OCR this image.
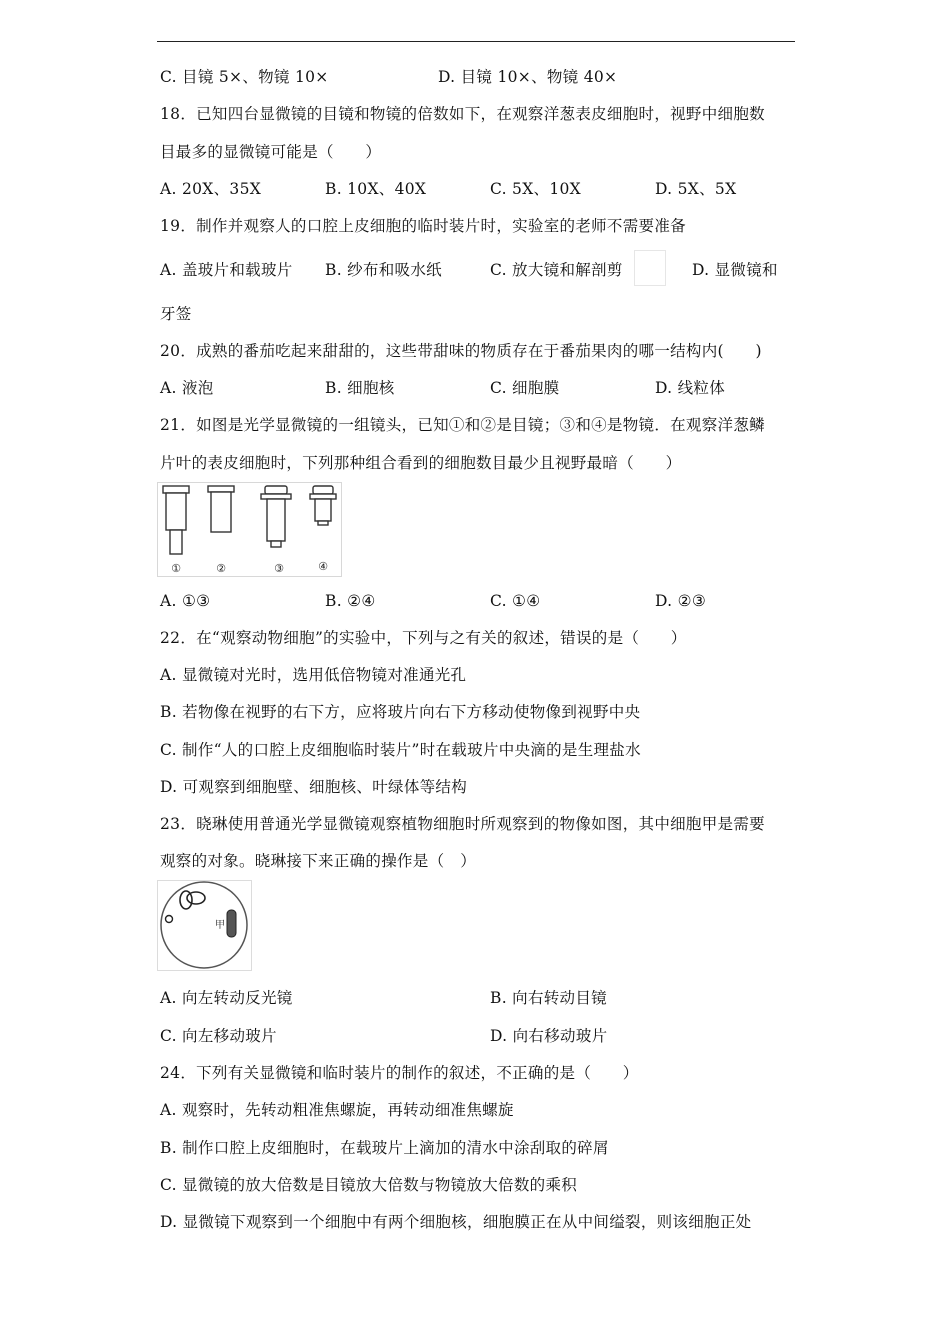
C. 目镜 5×、物镜 10×	D. 目镜 10×、物镜 40×
18．已知四台显微镜的目镜和物镜的倍数如下，在观察洋葱表皮细胞时，视野中细胞数
目最多的显微镜可能是（　　）
A. 20X、35X	B. 10X、40X	C. 5X、10X	D. 5X、5X
19．制作并观察人的口腔上皮细胞的临时装片时，实验室的老师不需要准备
A. 盖玻片和载玻片 B. 纱布和吸水纸	C. 放大镜和解剖剪	D. 显微镜和
牙签
20．成熟的番茄吃起来甜甜的，这些带甜味的物质存在于番茄果肉的哪一结构内(　　)
A. 液泡	B. 细胞核	C. 细胞膜	D. 线粒体
21．如图是光学显微镜的一组镜头，已知①和②是目镜；③和④是物镜．在观察洋葱鳞
片叶的表皮细胞时，下列那种组合看到的细胞数目最少且视野最暗（　　）
①	②	③	④
A. ①③	B. ②④	C. ①④	D. ②③
22．在“观察动物细胞”的实验中，下列与之有关的叙述，错误的是（　　）
A. 显微镜对光时，选用低倍物镜对准通光孔
B. 若物像在视野的右下方，应将玻片向右下方移动使物像到视野中央
C. 制作“人的口腔上皮细胞临时装片”时在载玻片中央滴的是生理盐水
D. 可观察到细胞壁、细胞核、叶绿体等结构
23．晓琳使用普通光学显微镜观察植物细胞时所观察到的物像如图，其中细胞甲是需要
观察的对象。晓琳接下来正确的操作是（　）
甲
A. 向左转动反光镜	B. 向右转动目镜
C. 向左移动玻片	D. 向右移动玻片
24．下列有关显微镜和临时装片的制作的叙述，不正确的是（　　）
A. 观察时，先转动粗准焦螺旋，再转动细准焦螺旋
B. 制作口腔上皮细胞时，在载玻片上滴加的清水中涂刮取的碎屑
C. 显微镜的放大倍数是目镜放大倍数与物镜放大倍数的乘积
D. 显微镜下观察到一个细胞中有两个细胞核，细胞膜正在从中间缢裂，则该细胞正处
